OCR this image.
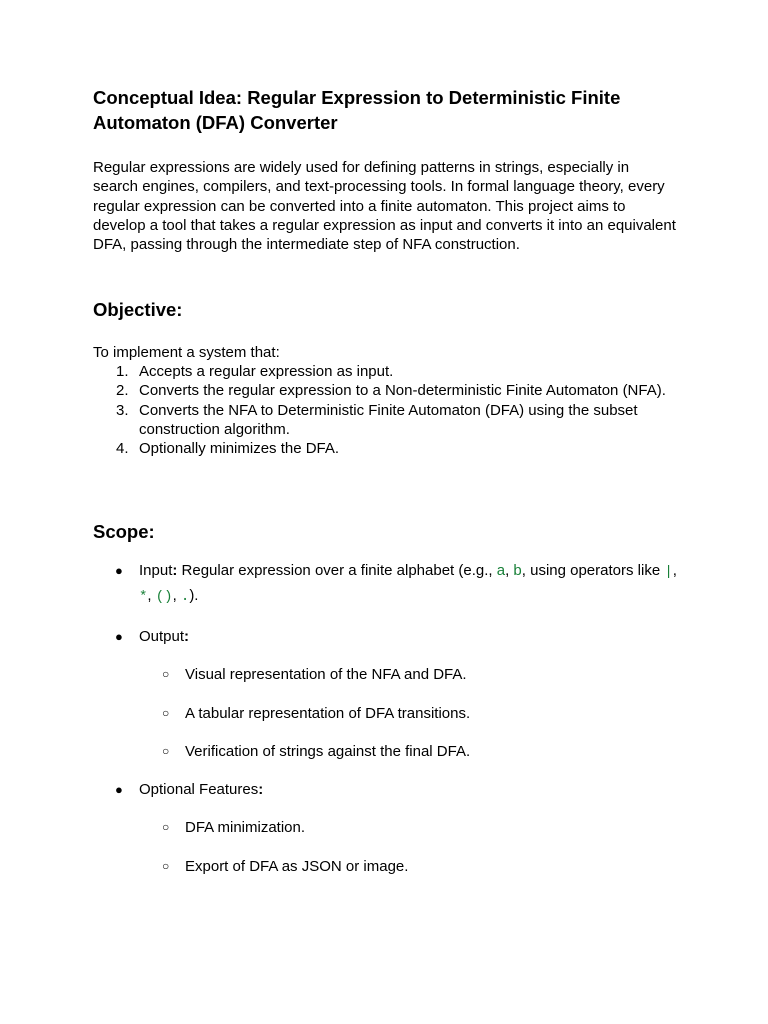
Conceptual Idea: Regular Expression to Deterministic Finite Automaton (DFA) Converter

Regular expressions are widely used for defining patterns in strings, especially in search engines, compilers, and text-processing tools. In formal language theory, every regular expression can be converted into a finite automaton. This project aims to develop a tool that takes a regular expression as input and converts it into an equivalent DFA, passing through the intermediate step of NFA construction.

Objective:

To implement a system that:

1. Accepts a regular expression as input.
2. Converts the regular expression to a Non-deterministic Finite Automaton (NFA).
3. Converts the NFA to Deterministic Finite Automaton (DFA) using the subset construction algorithm.
4. Optionally minimizes the DFA.
Scope:
● Input: Regular expression over a finite alphabet (e.g., a, b, using operators like |, *, (), .).
● Output:
○ Visual representation of the NFA and DFA.
○ A tabular representation of DFA transitions.
○ Verification of strings against the final DFA.
● Optional Features:
○ DFA minimization.
○ Export of DFA as JSON or image.
